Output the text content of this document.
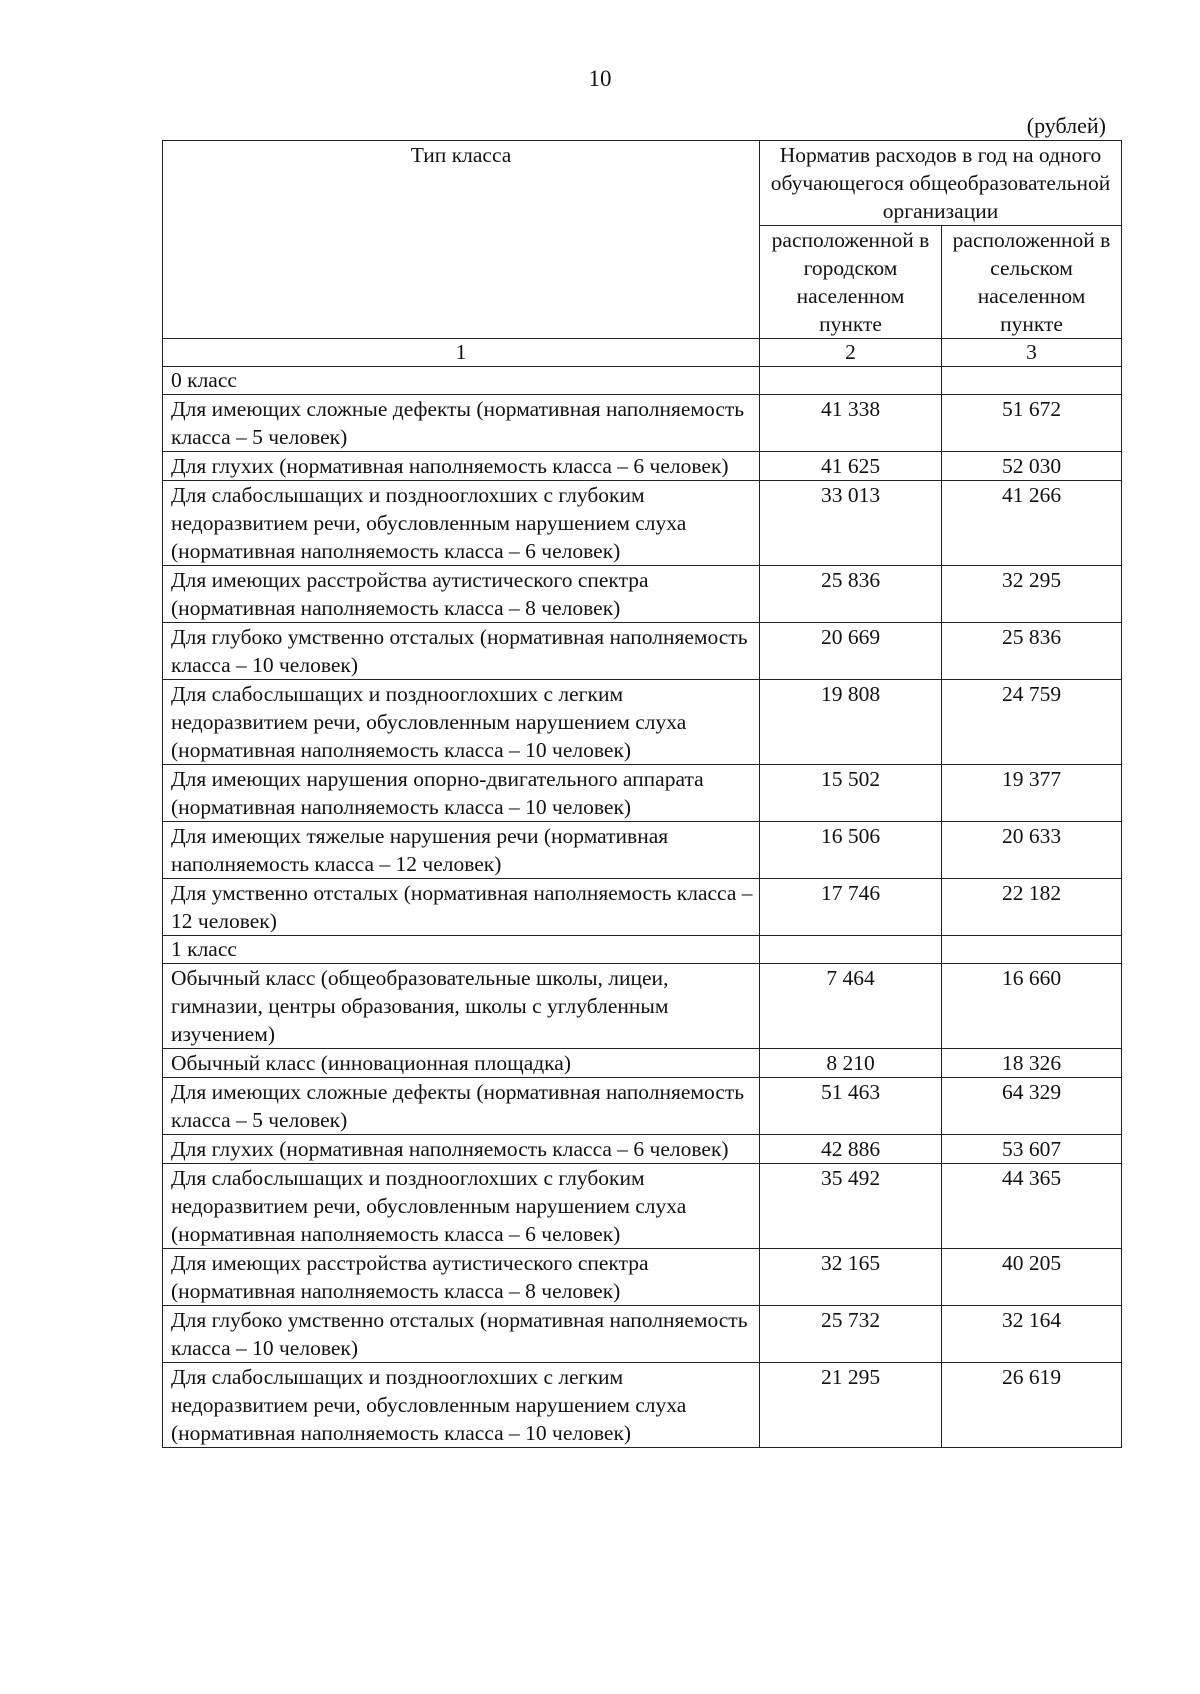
10
(рублей)
Тип класса	Норматив расходов в год на одного обучающегося общеобразовательной организации	
	расположенной в городском населенном пункте	расположенной в сельском населенном пункте
1	2	3
0 класс		
Для имеющих сложные дефекты (нормативная наполняемость класса – 5 человек)	41 338	51 672
Для глухих (нормативная наполняемость класса – 6 человек)	41 625	52 030
Для слабослышащих и позднооглохших с глубоким недоразвитием речи, обусловленным нарушением слуха (нормативная наполняемость класса – 6 человек)	33 013	41 266
Для имеющих расстройства аутистического спектра (нормативная наполняемость класса – 8 человек)	25 836	32 295
Для глубоко умственно отсталых (нормативная наполняемость класса – 10 человек)	20 669	25 836
Для слабослышащих и позднооглохших с легким недоразвитием речи, обусловленным нарушением слуха (нормативная наполняемость класса – 10 человек)	19 808	24 759
Для имеющих нарушения опорно-двигательного аппарата (нормативная наполняемость класса – 10 человек)	15 502	19 377
Для имеющих тяжелые нарушения речи (нормативная наполняемость класса – 12 человек)	16 506	20 633
Для умственно отсталых (нормативная наполняемость класса – 12 человек)	17 746	22 182
1 класс		
Обычный класс (общеобразовательные школы, лицеи, гимназии, центры образования, школы с углубленным изучением)	7 464	16 660
Обычный класс (инновационная площадка)	8 210	18 326
Для имеющих сложные дефекты (нормативная наполняемость класса – 5 человек)	51 463	64 329
Для глухих (нормативная наполняемость класса – 6 человек)	42 886	53 607
Для слабослышащих и позднооглохших с глубоким недоразвитием речи, обусловленным нарушением слуха (нормативная наполняемость класса – 6 человек)	35 492	44 365
Для имеющих расстройства аутистического спектра (нормативная наполняемость класса – 8 человек)	32 165	40 205
Для глубоко умственно отсталых (нормативная наполняемость класса – 10 человек)	25 732	32 164
Для слабослышащих и позднооглохших с легким недоразвитием речи, обусловленным нарушением слуха (нормативная наполняемость класса – 10 человек)	21 295	26 619
